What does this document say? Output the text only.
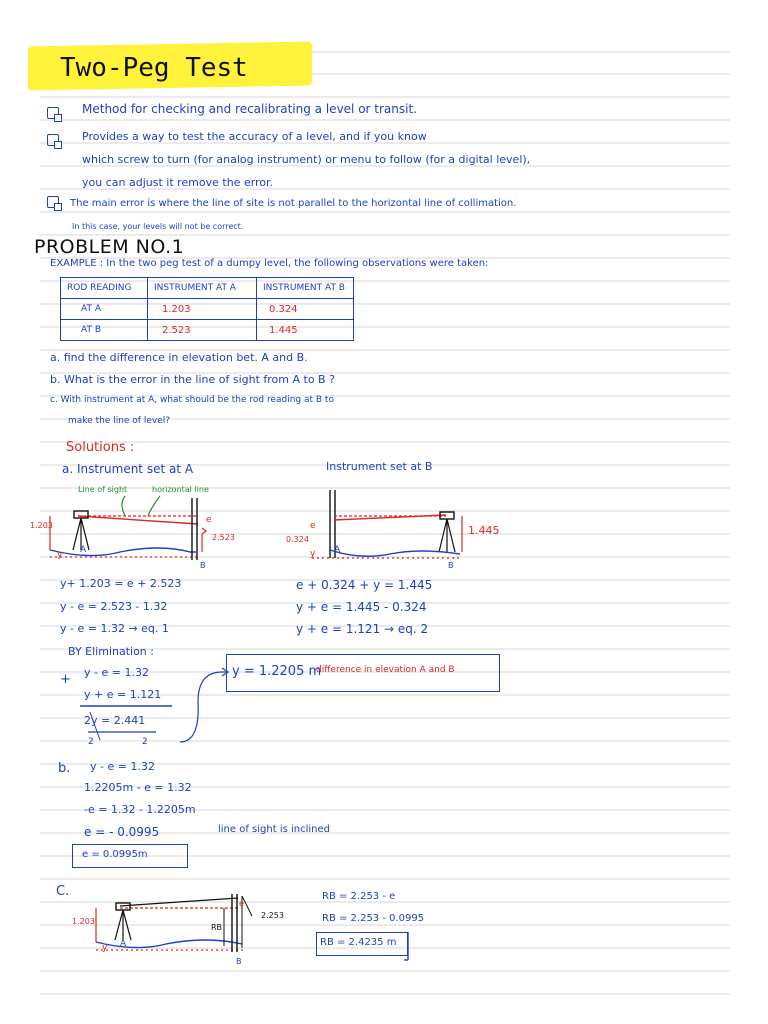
Two-Peg Test
Method for checking and recalibrating a level or transit.
Provides a way to test the accuracy of a level, and if you know
which screw to turn (for analog instrument) or menu to follow (for a digital level),
you can adjust it remove the error.
The main error is where the line of site is not parallel to the horizontal line of collimation.
In this case, your levels will not be correct.
PROBLEM NO.1
EXAMPLE : In the two peg test of a dumpy level, the following observations were taken:
ROD READING	INSTRUMENT AT A	INSTRUMENT AT B
AT A	1.203	0.324
AT B	2.523	1.445
a. find the difference in elevation bet. A and B.
b. What is the error in the line of sight from A to B ?
c. With instrument at A, what should be the rod reading at B to
make the line of level?
Solutions :
a. Instrument set at A	Instrument set at B
Line of sight	horizontal line
1.203
e
2.523
y A
B
e
0.324
1.445
y A
B
y+ 1.203 = e + 2.523
y - e = 2.523 - 1.32
y - e = 1.32 → eq. 1
e + 0.324 + y = 1.445
y + e = 1.445 - 0.324
y + e = 1.121 → eq. 2
BY Elimination :
+ y - e = 1.32
y + e = 1.121
2y = 2.441
2	2
y = 1.2205 m
difference in elevation A and B
b. y - e = 1.32
1.2205m - e = 1.32
-e = 1.32 - 1.2205m
e = - 0.0995	line of sight is inclined
e = 0.0995m
C.
1.203
2.253
e
RB
y A
B
RB = 2.253 - e
RB = 2.253 - 0.0995
RB = 2.4235 m
